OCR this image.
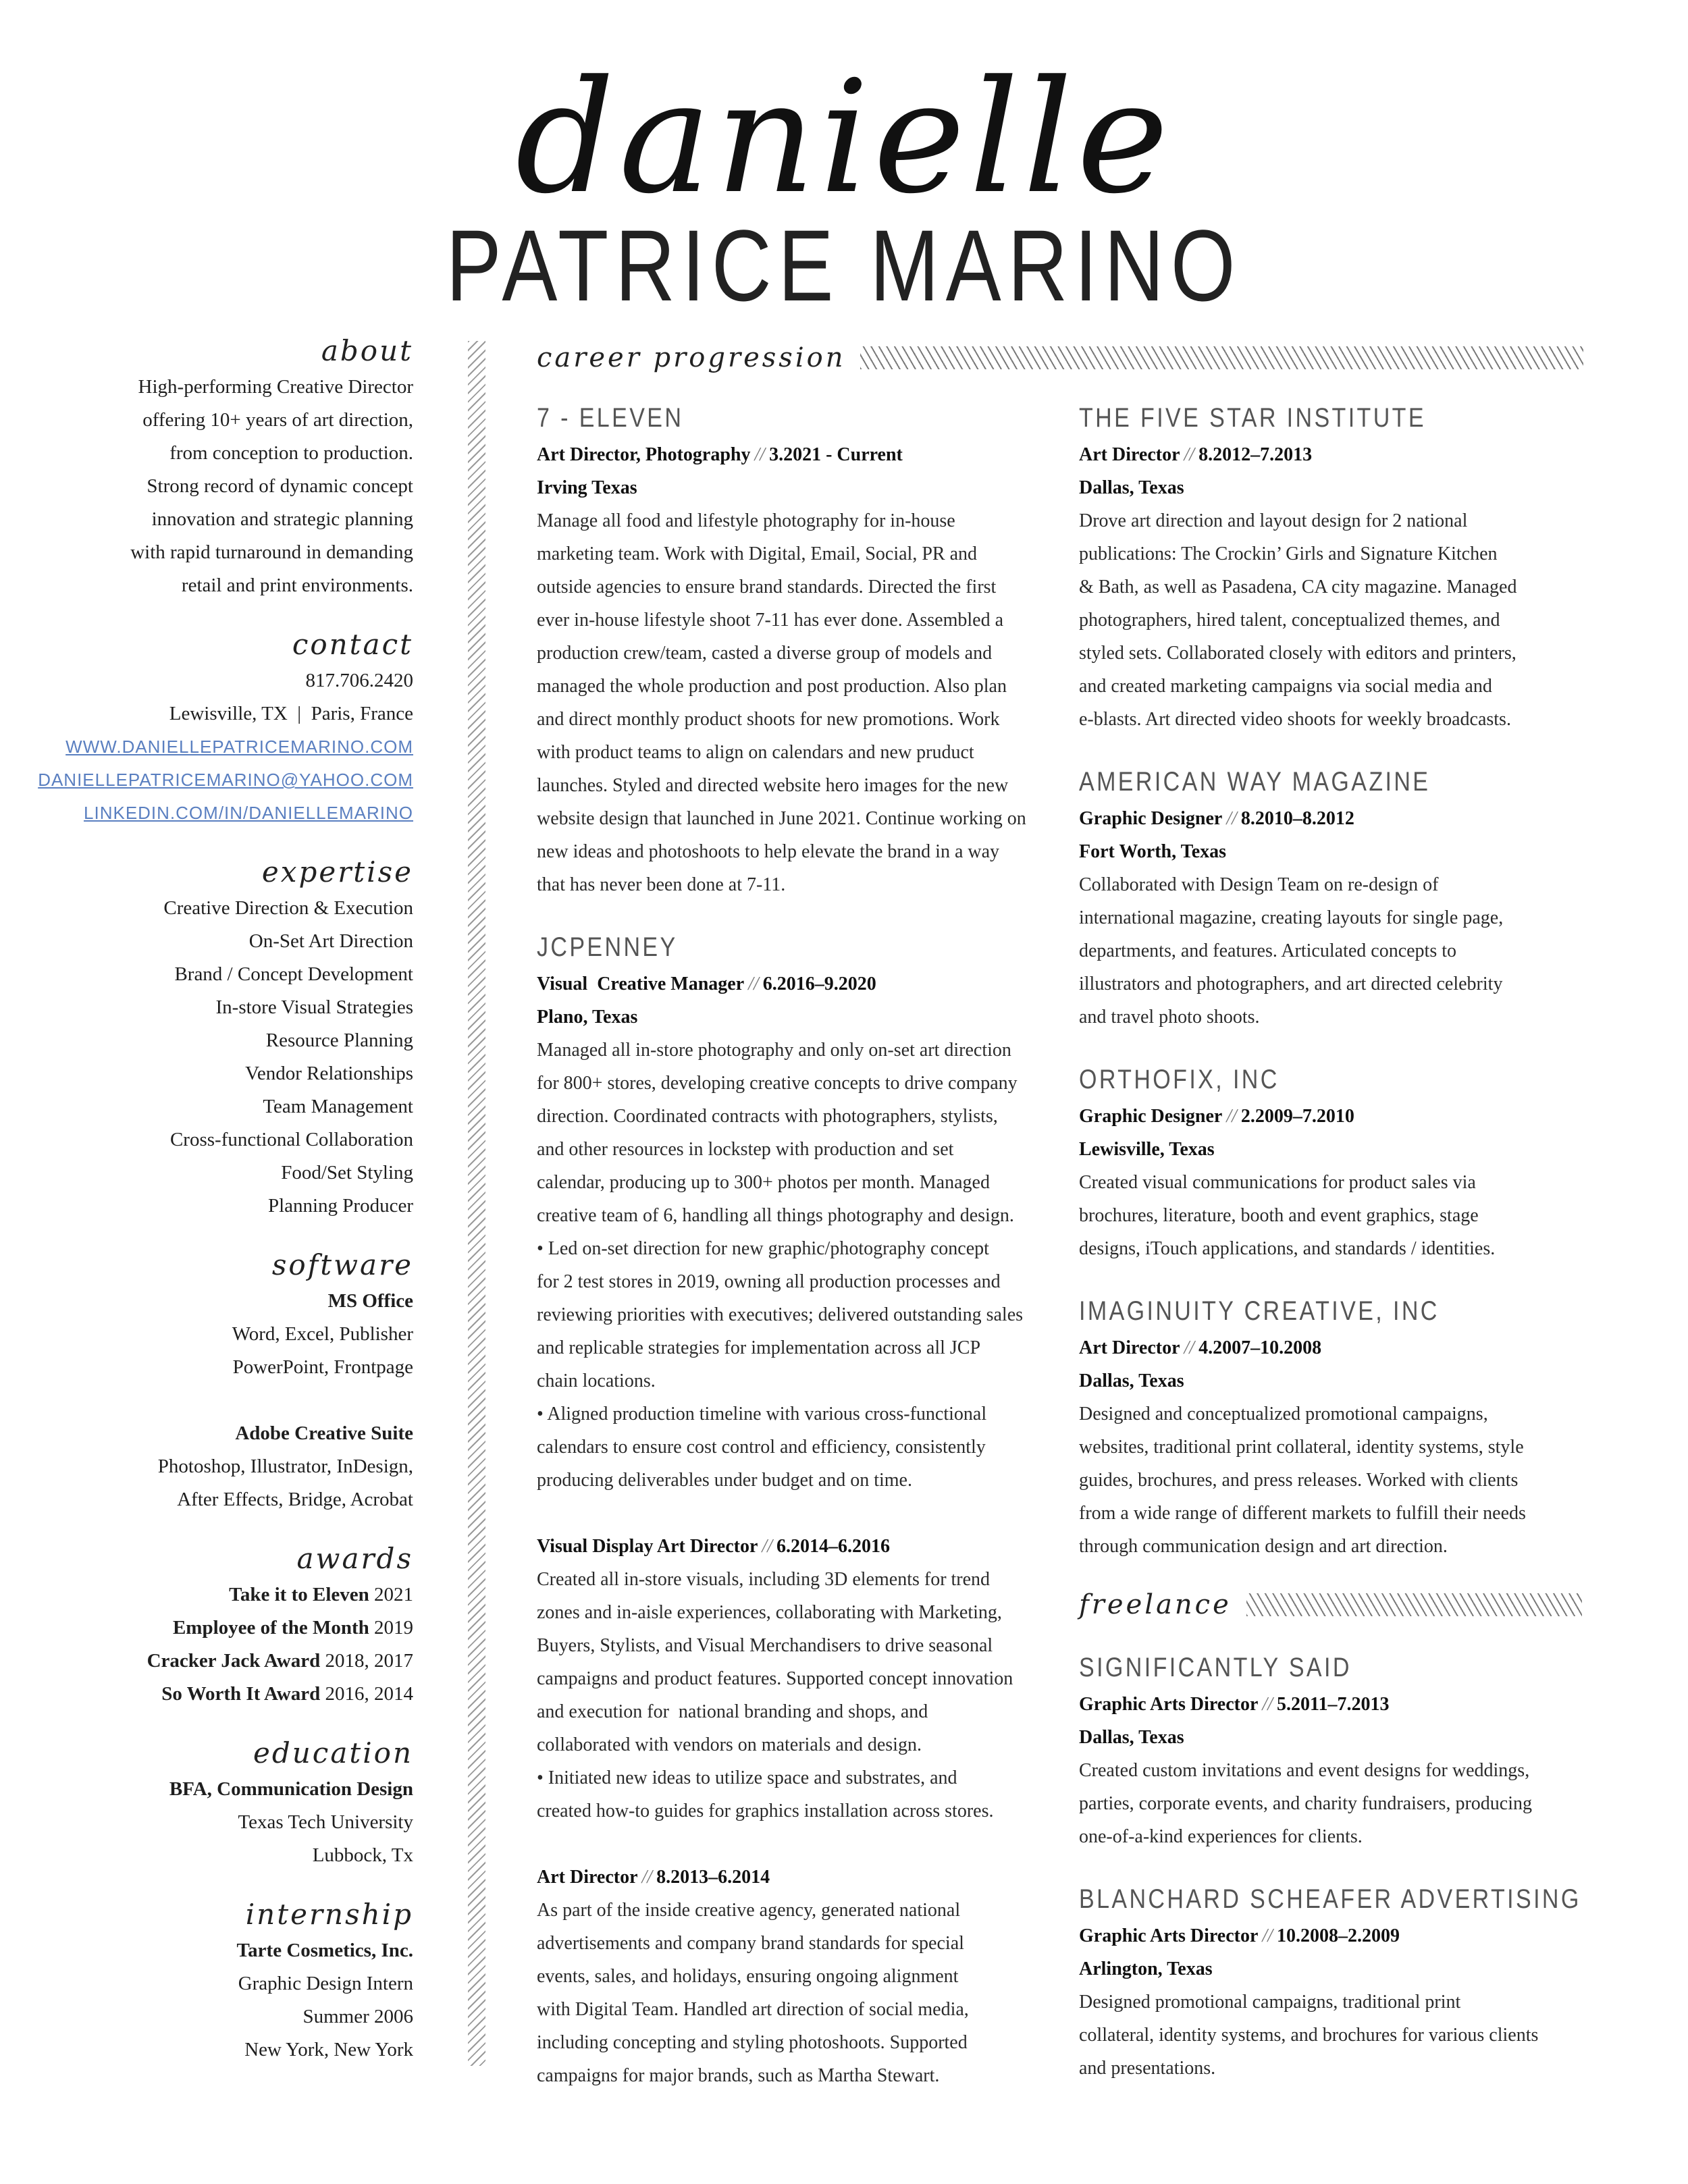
danielle
PATRICE MARINO
about
High-performing Creative Director
offering 10+ years of art direction,
from conception to production.
Strong record of dynamic concept
innovation and strategic planning
with rapid turnaround in demanding
retail and print environments.
contact
817.706.2420
Lewisville, TX  |  Paris, France
WWW.DANIELLEPATRICEMARINO.COM
DANIELLEPATRICEMARINO@YAHOO.COM
LINKEDIN.COM/IN/DANIELLEMARINO
expertise
Creative Direction & Execution
On-Set Art Direction
Brand / Concept Development
In-store Visual Strategies
Resource Planning
Vendor Relationships
Team Management
Cross-functional Collaboration
Food/Set Styling
Planning Producer
software
MS Office
Word, Excel, Publisher
PowerPoint, Frontpage
Adobe Creative Suite
Photoshop, Illustrator, InDesign,
After Effects, Bridge, Acrobat
awards
Take it to Eleven 2021
Employee of the Month 2019
Cracker Jack Award 2018, 2017
So Worth It Award 2016, 2014
education
BFA, Communication Design
Texas Tech University
Lubbock, Tx
internship
Tarte Cosmetics, Inc.
Graphic Design Intern
Summer 2006
New York, New York
career progression
freelance
7 - ELEVEN
Art Director, Photography // 3.2021 - Current
Irving Texas
Manage all food and lifestyle photography for in-house
marketing team. Work with Digital, Email, Social, PR and
outside agencies to ensure brand standards. Directed the first
ever in-house lifestyle shoot 7-11 has ever done. Assembled a
production crew/team, casted a diverse group of models and
managed the whole production and post production. Also plan
and direct monthly product shoots for new promotions. Work
with product teams to align on calendars and new pruduct
launches. Styled and directed website hero images for the new
website design that launched in June 2021. Continue working on
new ideas and photoshoots to help elevate the brand in a way
that has never been done at 7-11.
JCPENNEY
Visual  Creative Manager // 6.2016–9.2020
Plano, Texas
Managed all in-store photography and only on-set art direction
for 800+ stores, developing creative concepts to drive company
direction. Coordinated contracts with photographers, stylists,
and other resources in lockstep with production and set
calendar, producing up to 300+ photos per month. Managed
creative team of 6, handling all things photography and design.
• Led on-set direction for new graphic/photography concept
for 2 test stores in 2019, owning all production processes and
reviewing priorities with executives; delivered outstanding sales
and replicable strategies for implementation across all JCP
chain locations.
• Aligned production timeline with various cross-functional
calendars to ensure cost control and efficiency, consistently
producing deliverables under budget and on time.
Visual Display Art Director // 6.2014–6.2016
Created all in-store visuals, including 3D elements for trend
zones and in-aisle experiences, collaborating with Marketing,
Buyers, Stylists, and Visual Merchandisers to drive seasonal
campaigns and product features. Supported concept innovation
and execution for  national branding and shops, and
collaborated with vendors on materials and design.
• Initiated new ideas to utilize space and substrates, and
created how-to guides for graphics installation across stores.
Art Director // 8.2013–6.2014
As part of the inside creative agency, generated national
advertisements and company brand standards for special
events, sales, and holidays, ensuring ongoing alignment
with Digital Team. Handled art direction of social media,
including concepting and styling photoshoots. Supported
campaigns for major brands, such as Martha Stewart.
THE FIVE STAR INSTITUTE
Art Director // 8.2012–7.2013
Dallas, Texas
Drove art direction and layout design for 2 national
publications: The Crockin’ Girls and Signature Kitchen
& Bath, as well as Pasadena, CA city magazine. Managed
photographers, hired talent, conceptualized themes, and
styled sets. Collaborated closely with editors and printers,
and created marketing campaigns via social media and
e-blasts. Art directed video shoots for weekly broadcasts.
AMERICAN WAY MAGAZINE
Graphic Designer // 8.2010–8.2012
Fort Worth, Texas
Collaborated with Design Team on re-design of
international magazine, creating layouts for single page,
departments, and features. Articulated concepts to
illustrators and photographers, and art directed celebrity
and travel photo shoots.
ORTHOFIX, INC
Graphic Designer // 2.2009–7.2010
Lewisville, Texas
Created visual communications for product sales via
brochures, literature, booth and event graphics, stage
designs, iTouch applications, and standards / identities.
IMAGINUITY CREATIVE, INC
Art Director // 4.2007–10.2008
Dallas, Texas
Designed and conceptualized promotional campaigns,
websites, traditional print collateral, identity systems, style
guides, brochures, and press releases. Worked with clients
from a wide range of different markets to fulfill their needs
through communication design and art direction.
SIGNIFICANTLY SAID
Graphic Arts Director // 5.2011–7.2013
Dallas, Texas
Created custom invitations and event designs for weddings,
parties, corporate events, and charity fundraisers, producing
one-of-a-kind experiences for clients.
BLANCHARD SCHEAFER ADVERTISING
Graphic Arts Director // 10.2008–2.2009
Arlington, Texas
Designed promotional campaigns, traditional print
collateral, identity systems, and brochures for various clients
and presentations.
